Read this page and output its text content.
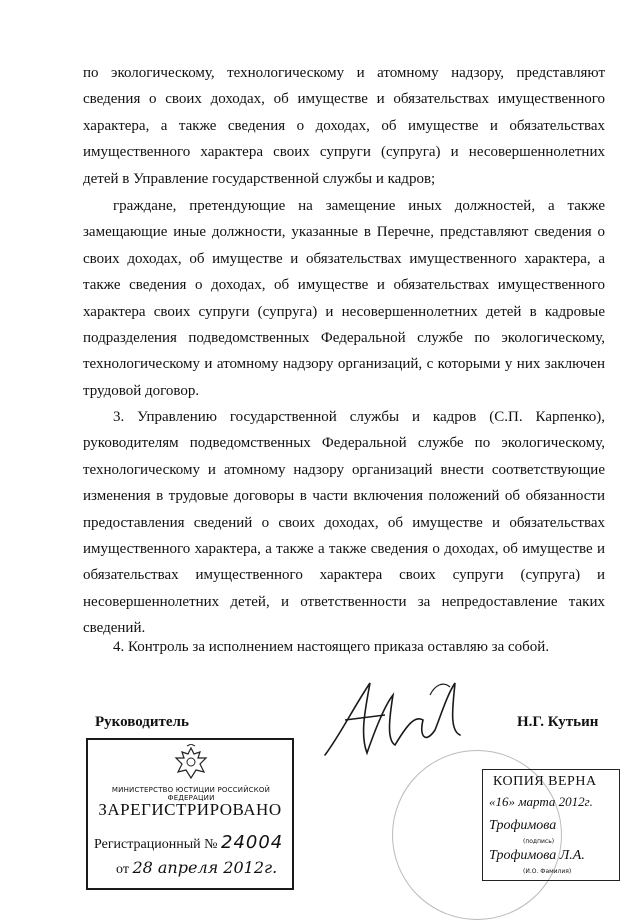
по экологическому, технологическому и атомному надзору, представляют сведения о своих доходах, об имуществе и обязательствах имущественного характера, а также сведения о доходах, об имуществе и обязательствах имущественного характера своих супруги (супруга) и несовершеннолетних детей в Управление государственной службы и кадров;

граждане, претендующие на замещение иных должностей, а также замещающие иные должности, указанные в Перечне, представляют сведения о своих доходах, об имуществе и обязательствах имущественного характера, а также сведения о доходах, об имуществе и обязательствах имущественного характера своих супруги (супруга) и несовершеннолетних детей в кадровые подразделения подведомственных Федеральной службе по экологическому, технологическому и атомному надзору организаций, с которыми у них заключен трудовой договор.

3. Управлению государственной службы и кадров (С.П. Карпенко), руководителям подведомственных Федеральной службе по экологическому, технологическому и атомному надзору организаций внести соответствующие изменения в трудовые договоры в части включения положений об обязанности предоставления сведений о своих доходах, об имуществе и обязательствах имущественного характера, а также а также сведения о доходах, об имуществе и обязательствах имущественного характера своих супруги (супруга) и несовершеннолетних детей, и ответственности за непредоставление таких сведений.

4. Контроль за исполнением настоящего приказа оставляю за собой.

Руководитель	Н.Г. Кутьин
МИНИСТЕРСТВО ЮСТИЦИИ РОССИЙСКОЙ ФЕДЕРАЦИИ
ЗАРЕГИСТРИРОВАНО
Регистрационный № 24004
от 28 апреля 2012г.
КОПИЯ ВЕРНА
«16» марта 2012г.
Трофимова
(подпись)
Трофимова Л.А.
(И.О. Фамилия)
